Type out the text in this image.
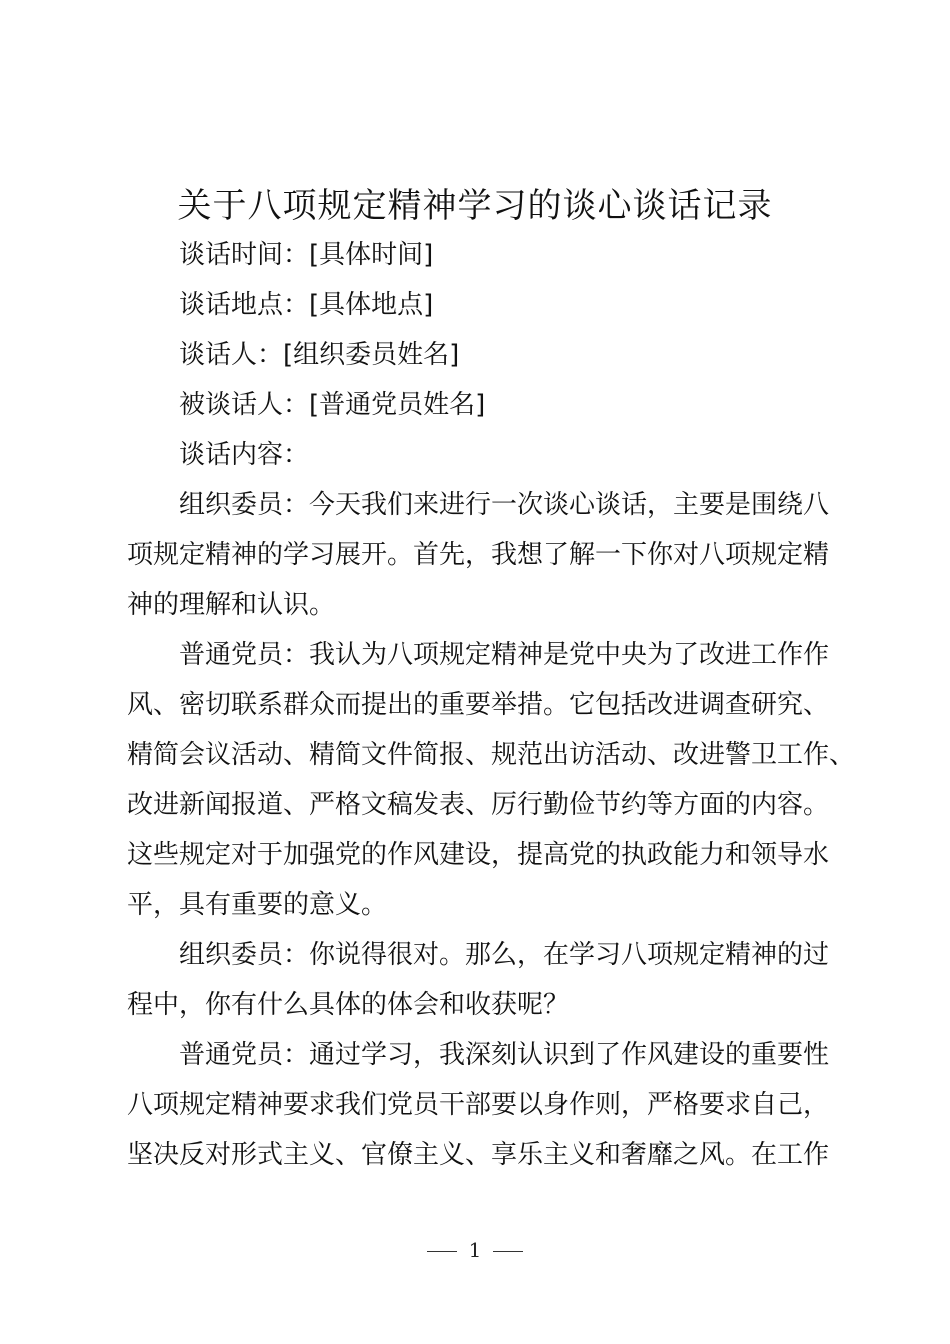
关于八项规定精神学习的谈心谈话记录

谈话时间：[具体时间]

谈话地点：[具体地点]

谈话人：[组织委员姓名]

被谈话人：[普通党员姓名]

谈话内容：

组织委员：今天我们来进行一次谈心谈话，主要是围绕八
项规定精神的学习展开。首先，我想了解一下你对八项规定精
神的理解和认识。

普通党员：我认为八项规定精神是党中央为了改进工作作
风、密切联系群众而提出的重要举措。它包括改进调查研究、
精简会议活动、精简文件简报、规范出访活动、改进警卫工作、
改进新闻报道、严格文稿发表、厉行勤俭节约等方面的内容。
这些规定对于加强党的作风建设，提高党的执政能力和领导水
平，具有重要的意义。

组织委员：你说得很对。那么，在学习八项规定精神的过
程中，你有什么具体的体会和收获呢？

普通党员：通过学习，我深刻认识到了作风建设的重要性
八项规定精神要求我们党员干部要以身作则，严格要求自己，
坚决反对形式主义、官僚主义、享乐主义和奢靡之风。在工作

1
